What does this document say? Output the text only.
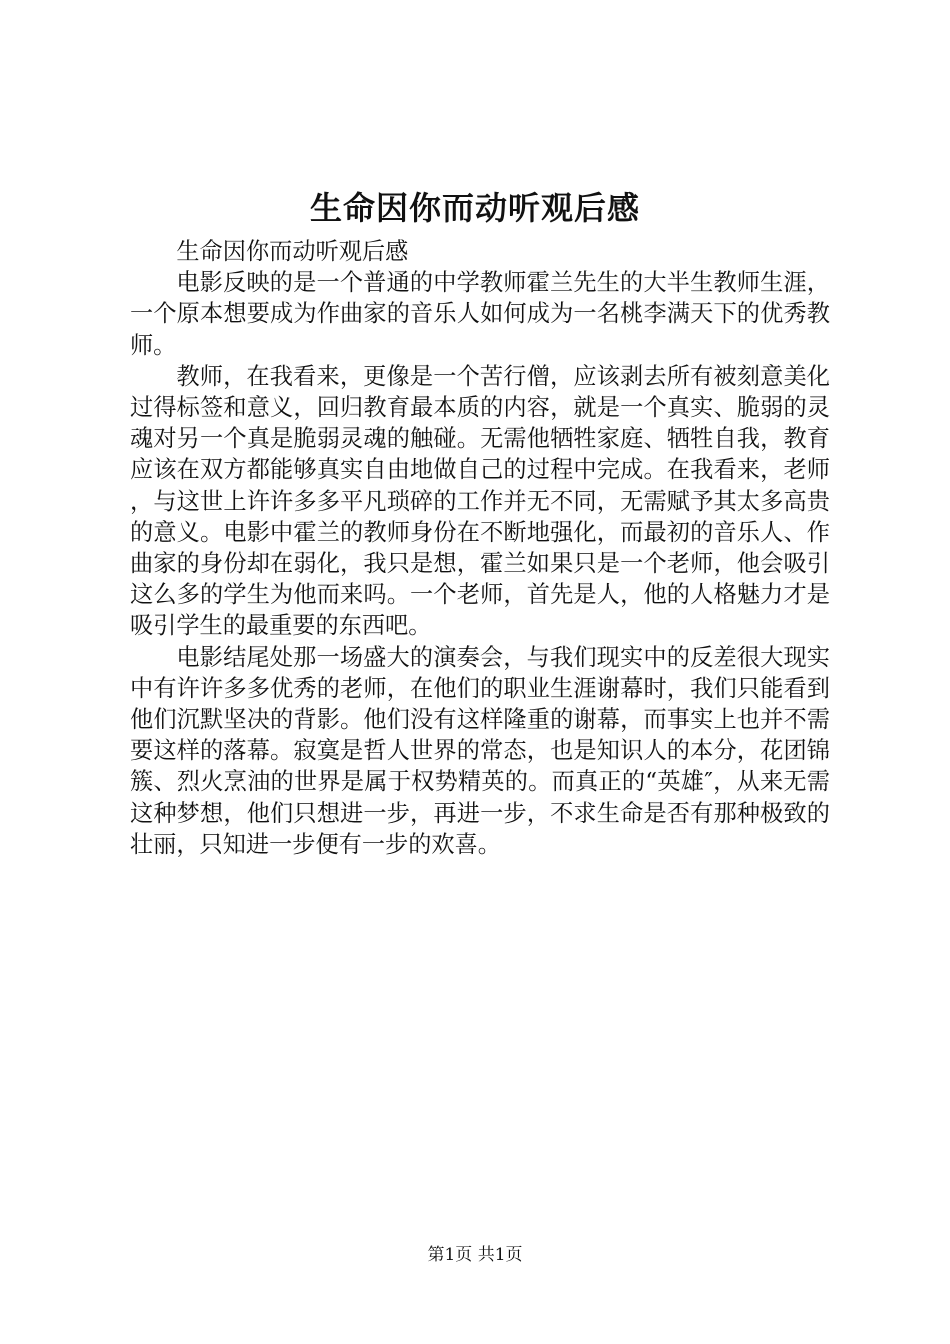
生命因你而动听观后感

生命因你而动听观后感

电影反映的是一个普通的中学教师霍兰先生的大半生教师生涯，一个原本想要成为作曲家的音乐人如何成为一名桃李满天下的优秀教师。

教师，在我看来，更像是一个苦行僧，应该剥去所有被刻意美化过得标签和意义，回归教育最本质的内容，就是一个真实、脆弱的灵魂对另一个真是脆弱灵魂的触碰。无需他牺牲家庭、牺牲自我，教育应该在双方都能够真实自由地做自己的过程中完成。在我看来，老师，与这世上许许多多平凡琐碎的工作并无不同，无需赋予其太多高贵的意义。电影中霍兰的教师身份在不断地强化，而最初的音乐人、作曲家的身份却在弱化，我只是想，霍兰如果只是一个老师，他会吸引这么多的学生为他而来吗。一个老师，首先是人，他的人格魅力才是吸引学生的最重要的东西吧。

电影结尾处那一场盛大的演奏会，与我们现实中的反差很大现实中有许许多多优秀的老师，在他们的职业生涯谢幕时，我们只能看到他们沉默坚决的背影。他们没有这样隆重的谢幕，而事实上也并不需要这样的落幕。寂寞是哲人世界的常态，也是知识人的本分，花团锦簇、烈火烹油的世界是属于权势精英的。而真正的“英雄″，从来无需这种梦想，他们只想进一步，再进一步，不求生命是否有那种极致的壮丽，只知进一步便有一步的欢喜。

第1页 共1页
